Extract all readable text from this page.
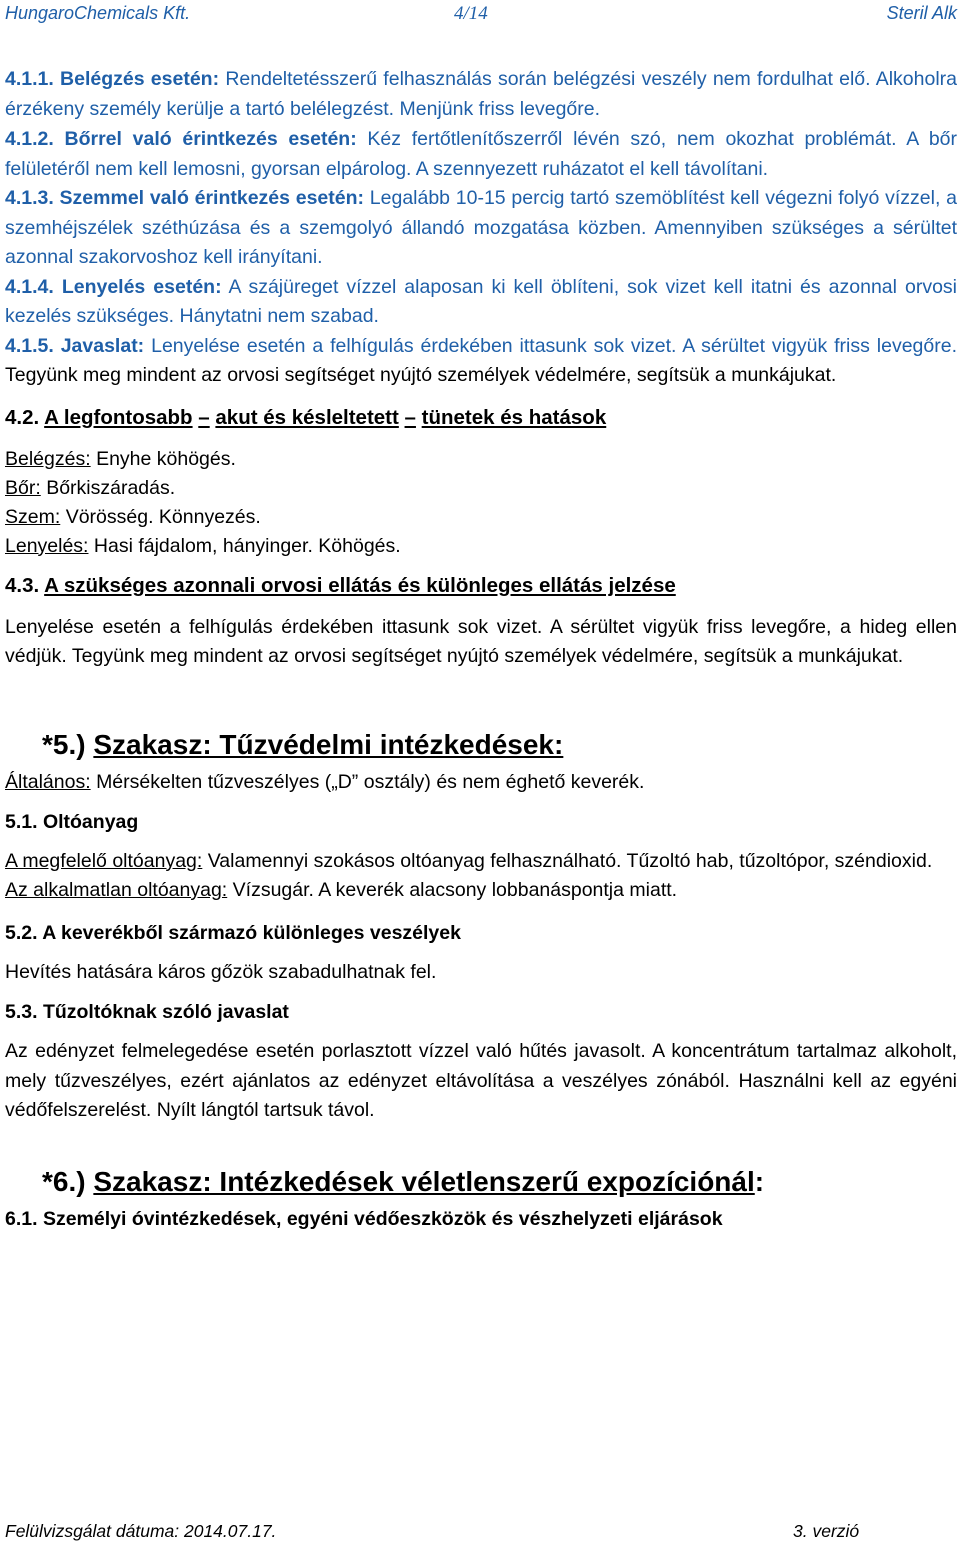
HungaroChemicals Kft.	4/14	Steril Alk

4.1.1. Belégzés esetén: Rendeltetésszerű felhasználás során belégzési veszély nem fordulhat elő. Alkoholra érzékeny személy kerülje a tartó belélegzést. Menjünk friss levegőre.

4.1.2. Bőrrel való érintkezés esetén: Kéz fertőtlenítőszerről lévén szó, nem okozhat problémát. A bőr felületéről nem kell lemosni, gyorsan elpárolog. A szennyezett ruházatot el kell távolítani.

4.1.3. Szemmel való érintkezés esetén: Legalább 10-15 percig tartó szemöblítést kell végezni folyó vízzel, a szemhéjszélek széthúzása és a szemgolyó állandó mozgatása közben. Amennyiben szükséges a sérültet azonnal szakorvoshoz kell irányítani.

4.1.4. Lenyelés esetén: A szájüreget vízzel alaposan ki kell öblíteni, sok vizet kell itatni és azonnal orvosi kezelés szükséges. Hánytatni nem szabad.

4.1.5. Javaslat: Lenyelése esetén a felhígulás érdekében ittasunk sok vizet. A sérültet vigyük friss levegőre. Tegyünk meg mindent az orvosi segítséget nyújtó személyek védelmére, segítsük a munkájukat.

4.2. A legfontosabb – akut és késleltetett – tünetek és hatások

Belégzés: Enyhe köhögés.

Bőr: Bőrkiszáradás.

Szem: Vörösség. Könnyezés.

Lenyelés: Hasi fájdalom, hányinger. Köhögés.

4.3. A szükséges azonnali orvosi ellátás és különleges ellátás jelzése

Lenyelése esetén a felhígulás érdekében ittasunk sok vizet. A sérültet vigyük friss levegőre, a hideg ellen védjük. Tegyünk meg mindent az orvosi segítséget nyújtó személyek védelmére, segítsük a munkájukat.

*5.) Szakasz: Tűzvédelmi intézkedések:

Általános: Mérsékelten tűzveszélyes („D” osztály) és nem éghető keverék.

5.1. Oltóanyag

A megfelelő oltóanyag: Valamennyi szokásos oltóanyag felhasználható. Tűzoltó hab, tűzoltópor, széndioxid.

Az alkalmatlan oltóanyag: Vízsugár. A keverék alacsony lobbanáspontja miatt.

5.2. A keverékből származó különleges veszélyek

Hevítés hatására káros gőzök szabadulhatnak fel.

5.3. Tűzoltóknak szóló javaslat

Az edényzet felmelegedése esetén porlasztott vízzel való hűtés javasolt. A koncentrátum tartalmaz alkoholt, mely tűzveszélyes, ezért ajánlatos az edényzet eltávolítása a veszélyes zónából. Használni kell az egyéni védőfelszerelést. Nyílt lángtól tartsuk távol.

*6.) Szakasz: Intézkedések véletlenszerű expozíciónál:

6.1. Személyi óvintézkedések, egyéni védőeszközök és vészhelyzeti eljárások

Felülvizsgálat dátuma: 2014.07.17.	3. verzió
